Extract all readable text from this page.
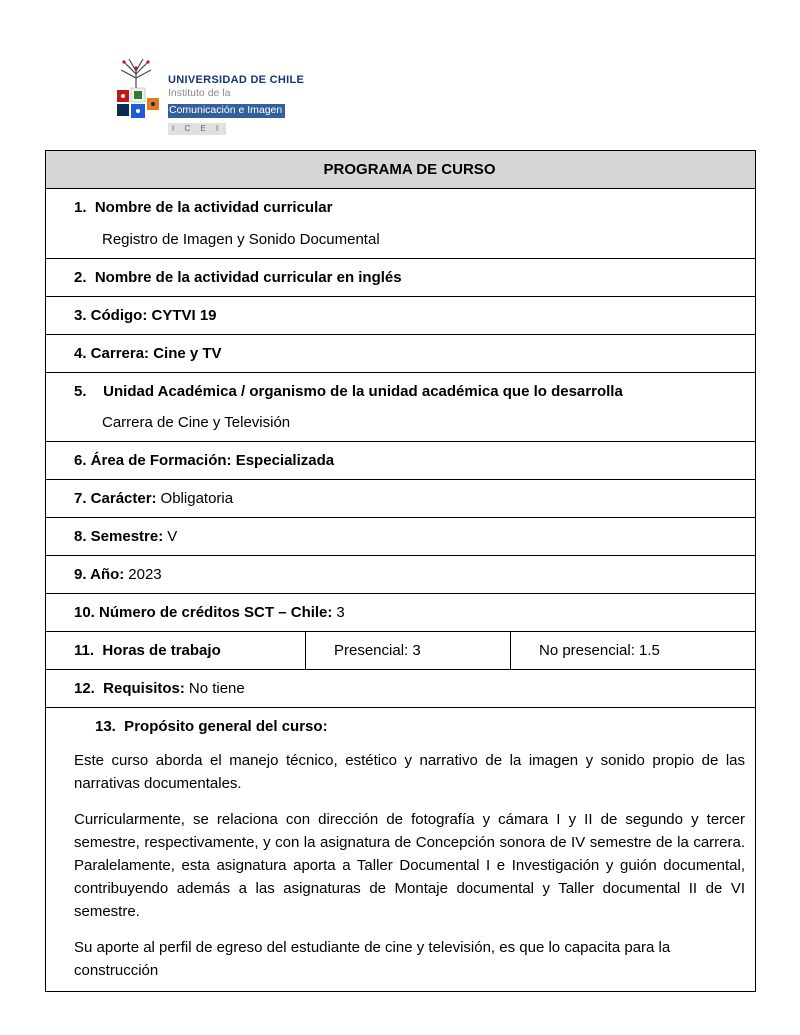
UNIVERSIDAD DE CHILE
Instituto de la
Comunicación e Imagen
I C E I
PROGRAMA DE CURSO

1.  Nombre de la actividad curricular
Registro de Imagen y Sonido Documental

2.  Nombre de la actividad curricular en inglés

3. Código: CYTVI 19
4. Carrera: Cine y TV

5.    Unidad Académica / organismo de la unidad académica que lo desarrolla
Carrera de Cine y Televisión

6. Área de Formación: Especializada
7. Carácter: Obligatoria
8. Semestre: V
9. Año: 2023
10. Número de créditos SCT – Chile: 3
11.  Horas de trabajo	Presencial: 3	No presencial: 1.5
12.  Requisitos: No tiene

13.  Propósito general del curso:

Este curso aborda el manejo técnico, estético y narrativo de la imagen y sonido propio de las narrativas documentales.

Curricularmente, se relaciona con dirección de fotografía y cámara I y II de segundo y tercer semestre, respectivamente, y con la asignatura de Concepción sonora de IV semestre de la carrera. Paralelamente, esta asignatura aporta a Taller Documental I e Investigación y guión documental, contribuyendo además a las asignaturas de Montaje documental y Taller documental II de VI semestre.

Su aporte al perfil de egreso del estudiante de cine y televisión, es que lo capacita para la construcción
